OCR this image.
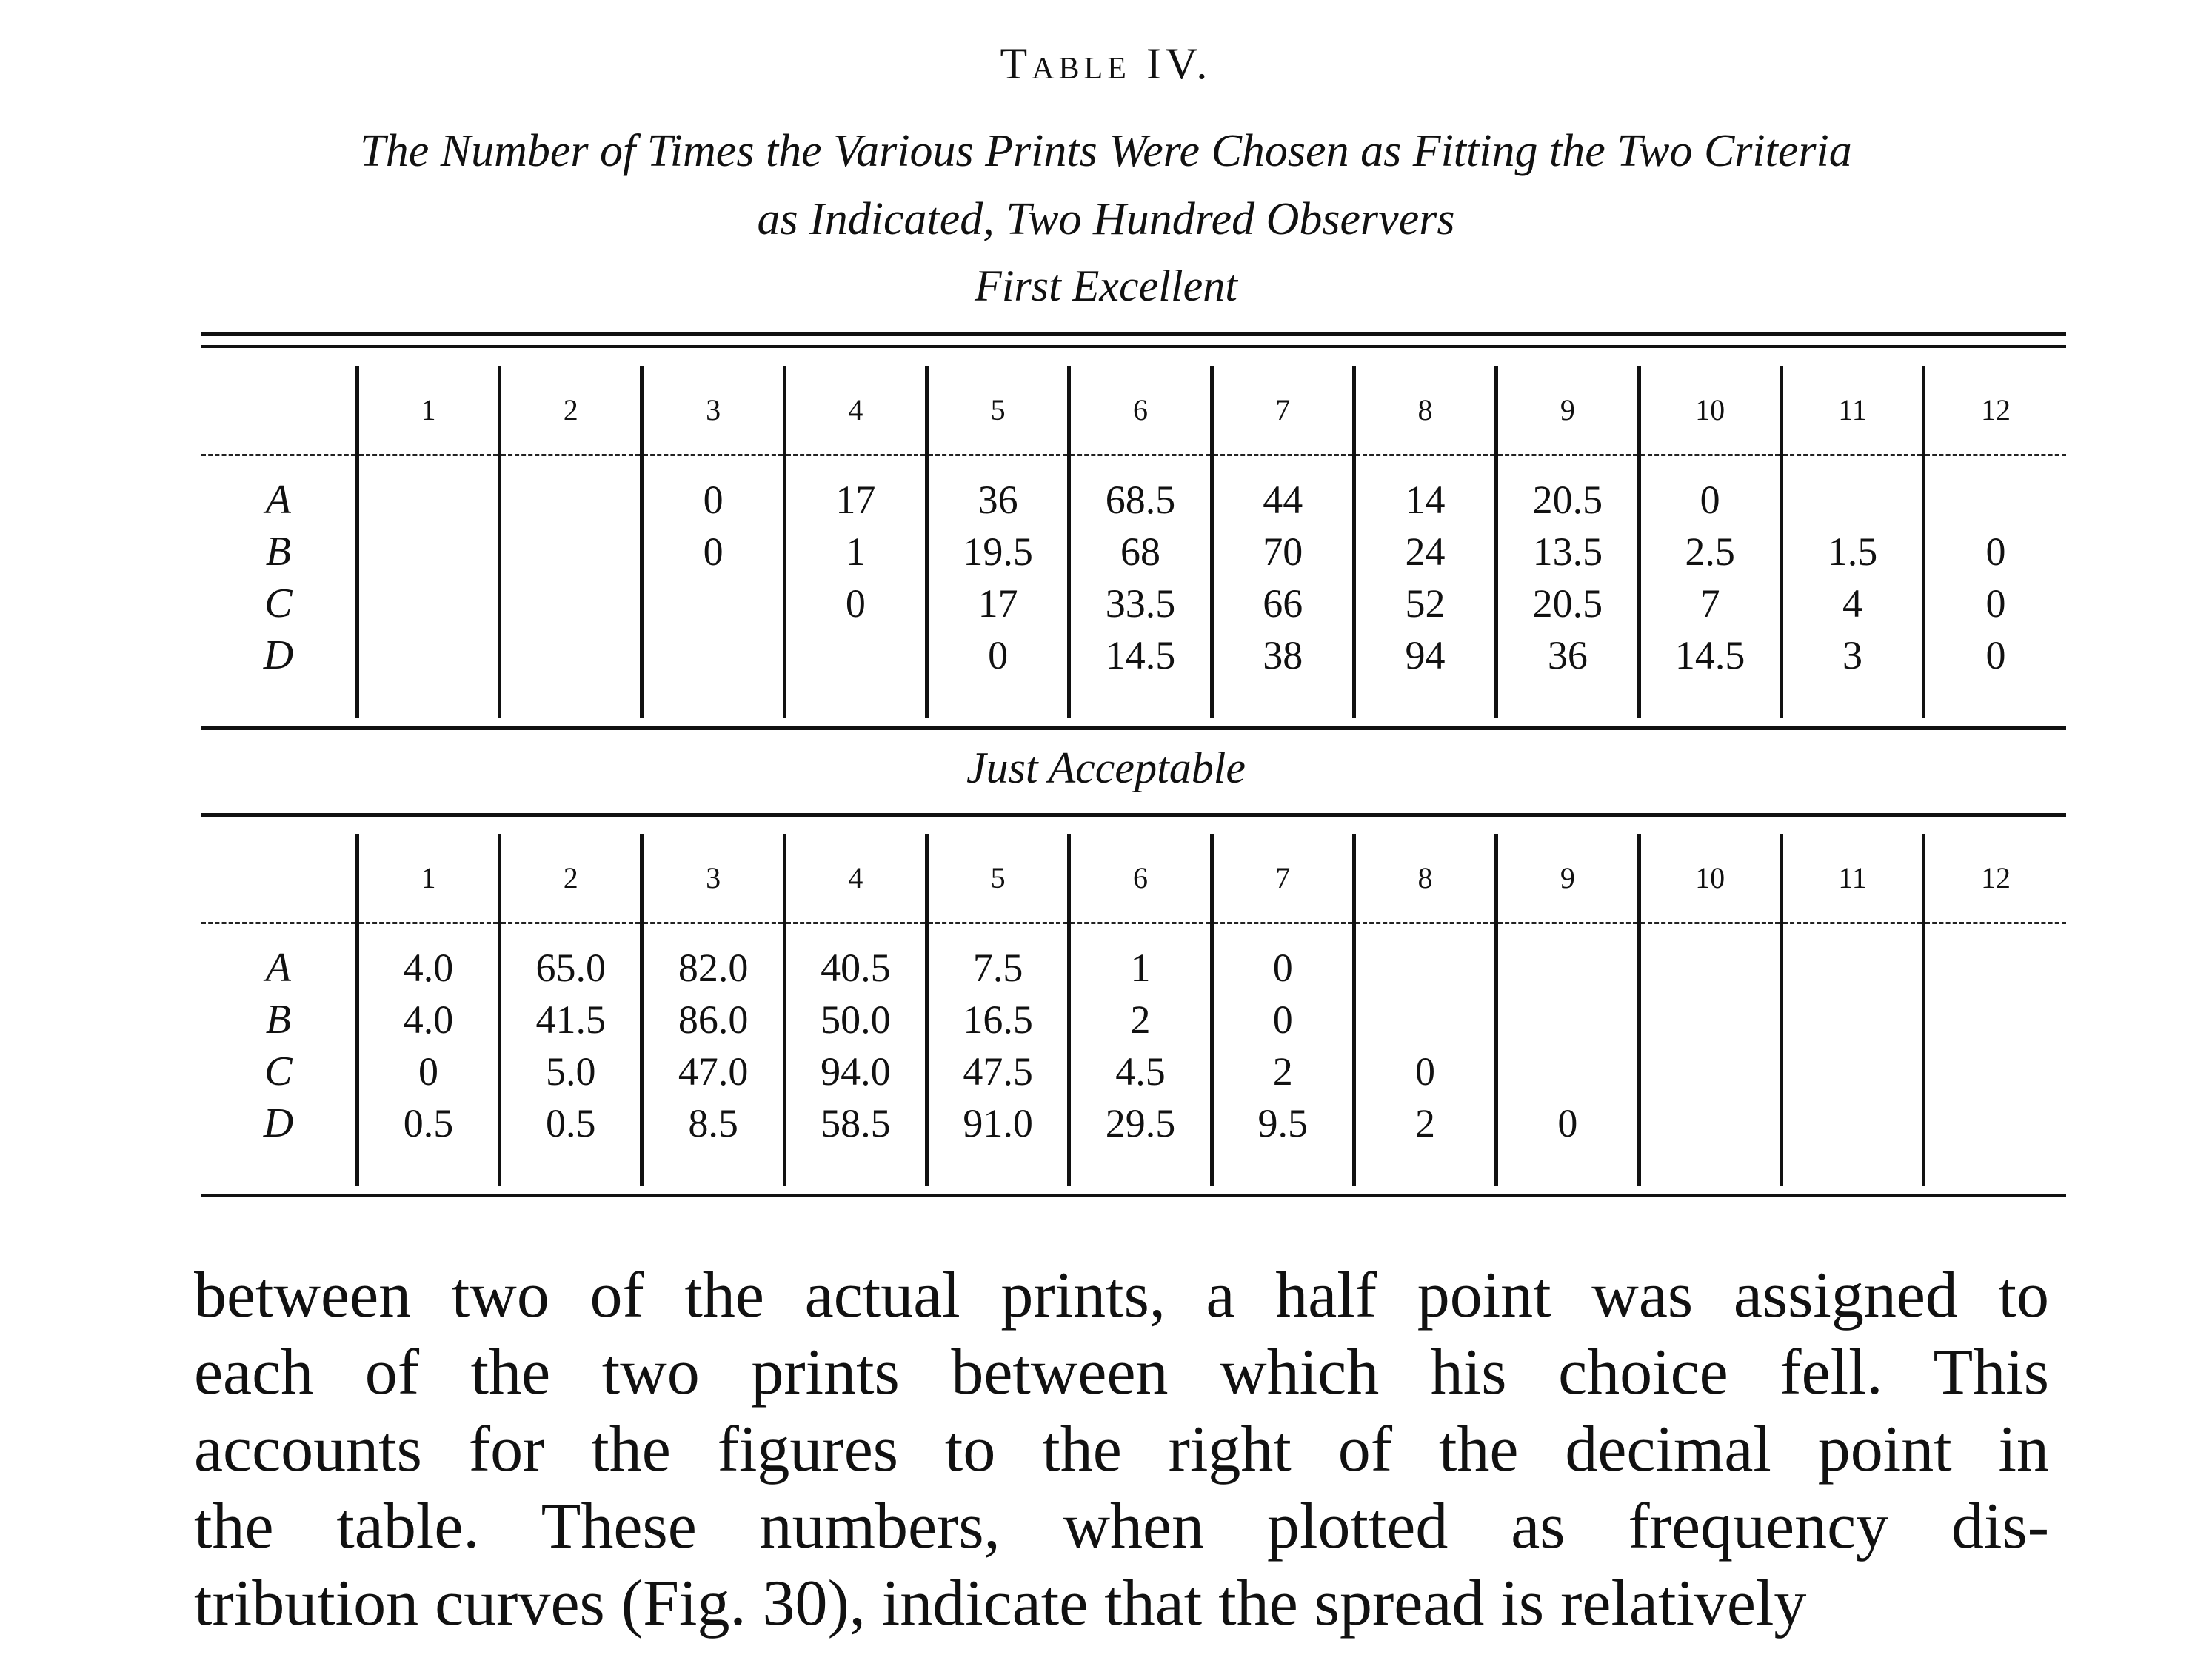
Table IV.
The Number of Times the Various Prints Were Chosen as Fitting the Two Criteria
as Indicated, Two Hundred Observers
First Excellent
	1	2	3	4	5	6	7	8	9	10	11	12

A			0	17	36	68.5	44	14	20.5	0		
B			0	1	19.5	68	70	24	13.5	2.5	1.5	0
C				0	17	33.5	66	52	20.5	7	4	0
D					0	14.5	38	94	36	14.5	3	0

Just Acceptable
	1	2	3	4	5	6	7	8	9	10	11	12

A	4.0	65.0	82.0	40.5	7.5	1	0					
B	4.0	41.5	86.0	50.0	16.5	2	0					
C	0	5.0	47.0	94.0	47.5	4.5	2	0				
D	0.5	0.5	8.5	58.5	91.0	29.5	9.5	2	0			

between two of the actual prints, a half point was assigned to
each of the two prints between which his choice fell. This
accounts for the figures to the right of the decimal point in
the table. These numbers, when plotted as frequency dis-
tribution curves (Fig. 30), indicate that the spread is relatively
